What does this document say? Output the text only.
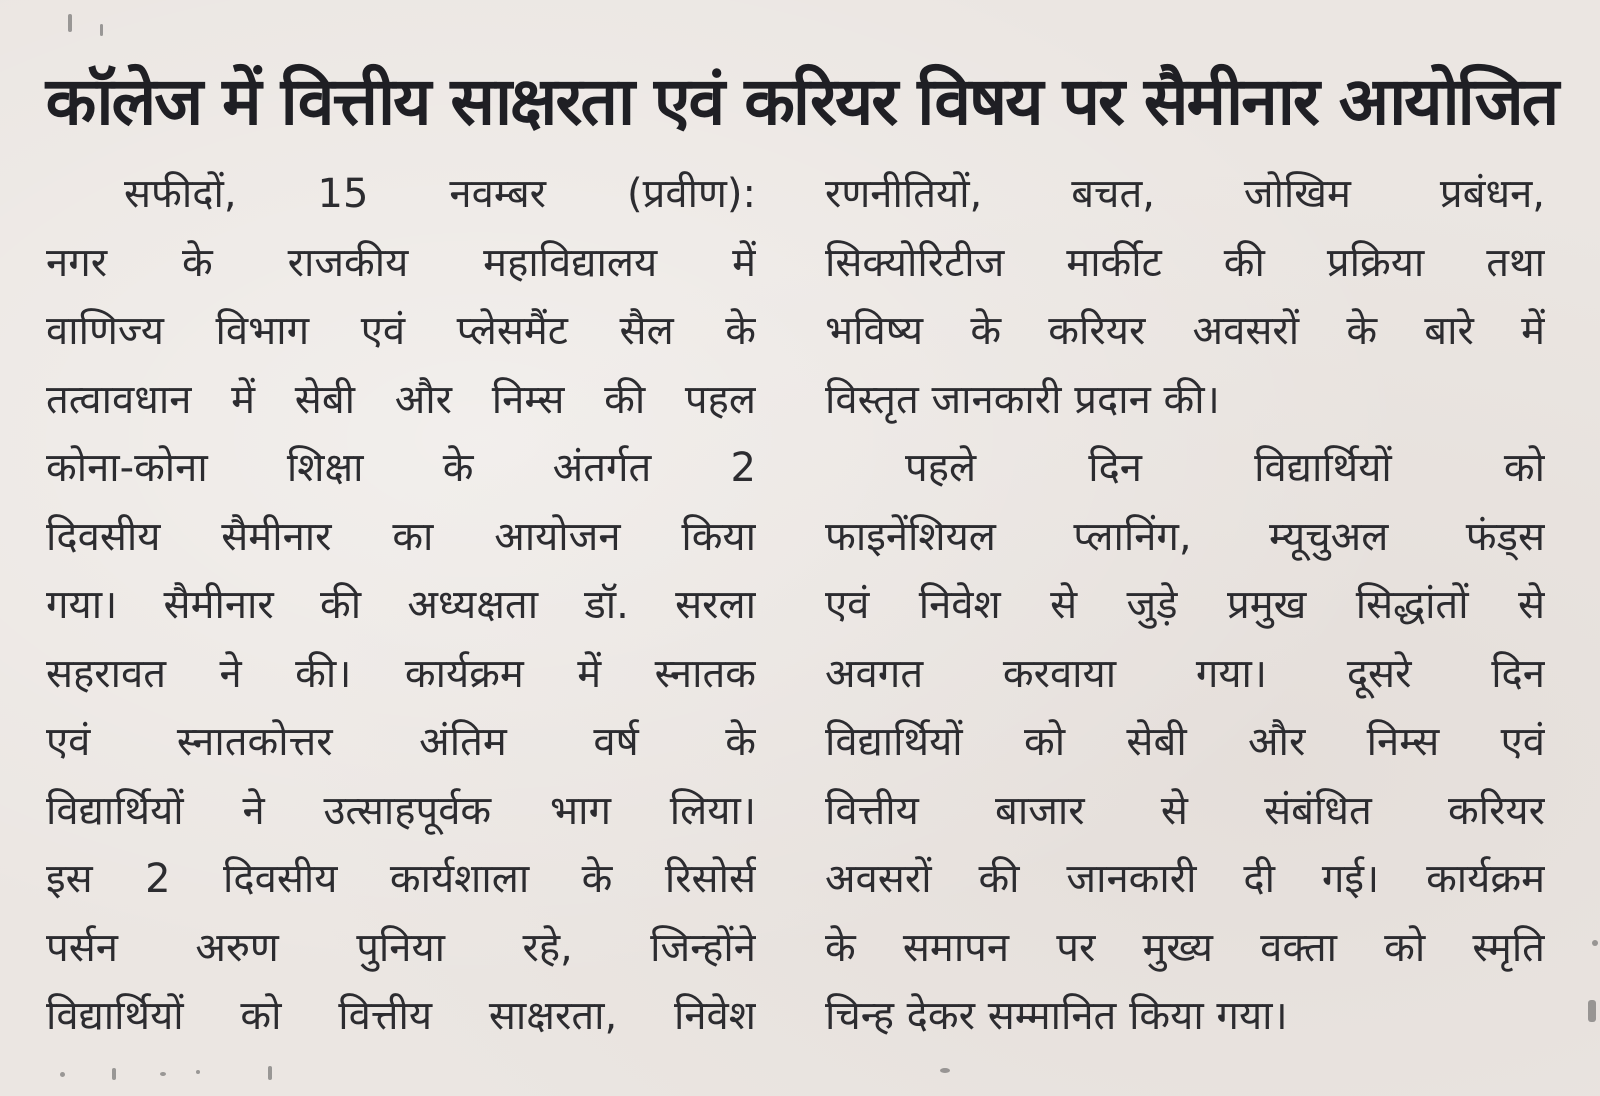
कॉलेज में वित्तीय साक्षरता एवं करियर विषय पर सैमीनार आयोजित
सफीदों, 15 नवम्बर (प्रवीण):
नगर के राजकीय महाविद्यालय में
वाणिज्य विभाग एवं प्लेसमैंट सैल के
तत्वावधान में सेबी और निम्स की पहल
कोना-कोना शिक्षा के अंतर्गत 2
दिवसीय सैमीनार का आयोजन किया
गया। सैमीनार की अध्यक्षता डॉ. सरला
सहरावत ने की। कार्यक्रम में स्नातक
एवं स्नातकोत्तर अंतिम वर्ष के
विद्यार्थियों ने उत्साहपूर्वक भाग लिया।
इस 2 दिवसीय कार्यशाला के रिसोर्स
पर्सन अरुण पुनिया रहे, जिन्होंने
विद्यार्थियों को वित्तीय साक्षरता, निवेश
रणनीतियों, बचत, जोखिम प्रबंधन,
सिक्योरिटीज मार्कीट की प्रक्रिया तथा
भविष्य के करियर अवसरों के बारे में
विस्तृत जानकारी प्रदान की।
पहले दिन विद्यार्थियों को
फाइनेंशियल प्लानिंग, म्यूचुअल फंड्स
एवं निवेश से जुड़े प्रमुख सिद्धांतों से
अवगत करवाया गया। दूसरे दिन
विद्यार्थियों को सेबी और निम्स एवं
वित्तीय बाजार से संबंधित करियर
अवसरों की जानकारी दी गई। कार्यक्रम
के समापन पर मुख्य वक्ता को स्मृति
चिन्ह देकर सम्मानित किया गया।
